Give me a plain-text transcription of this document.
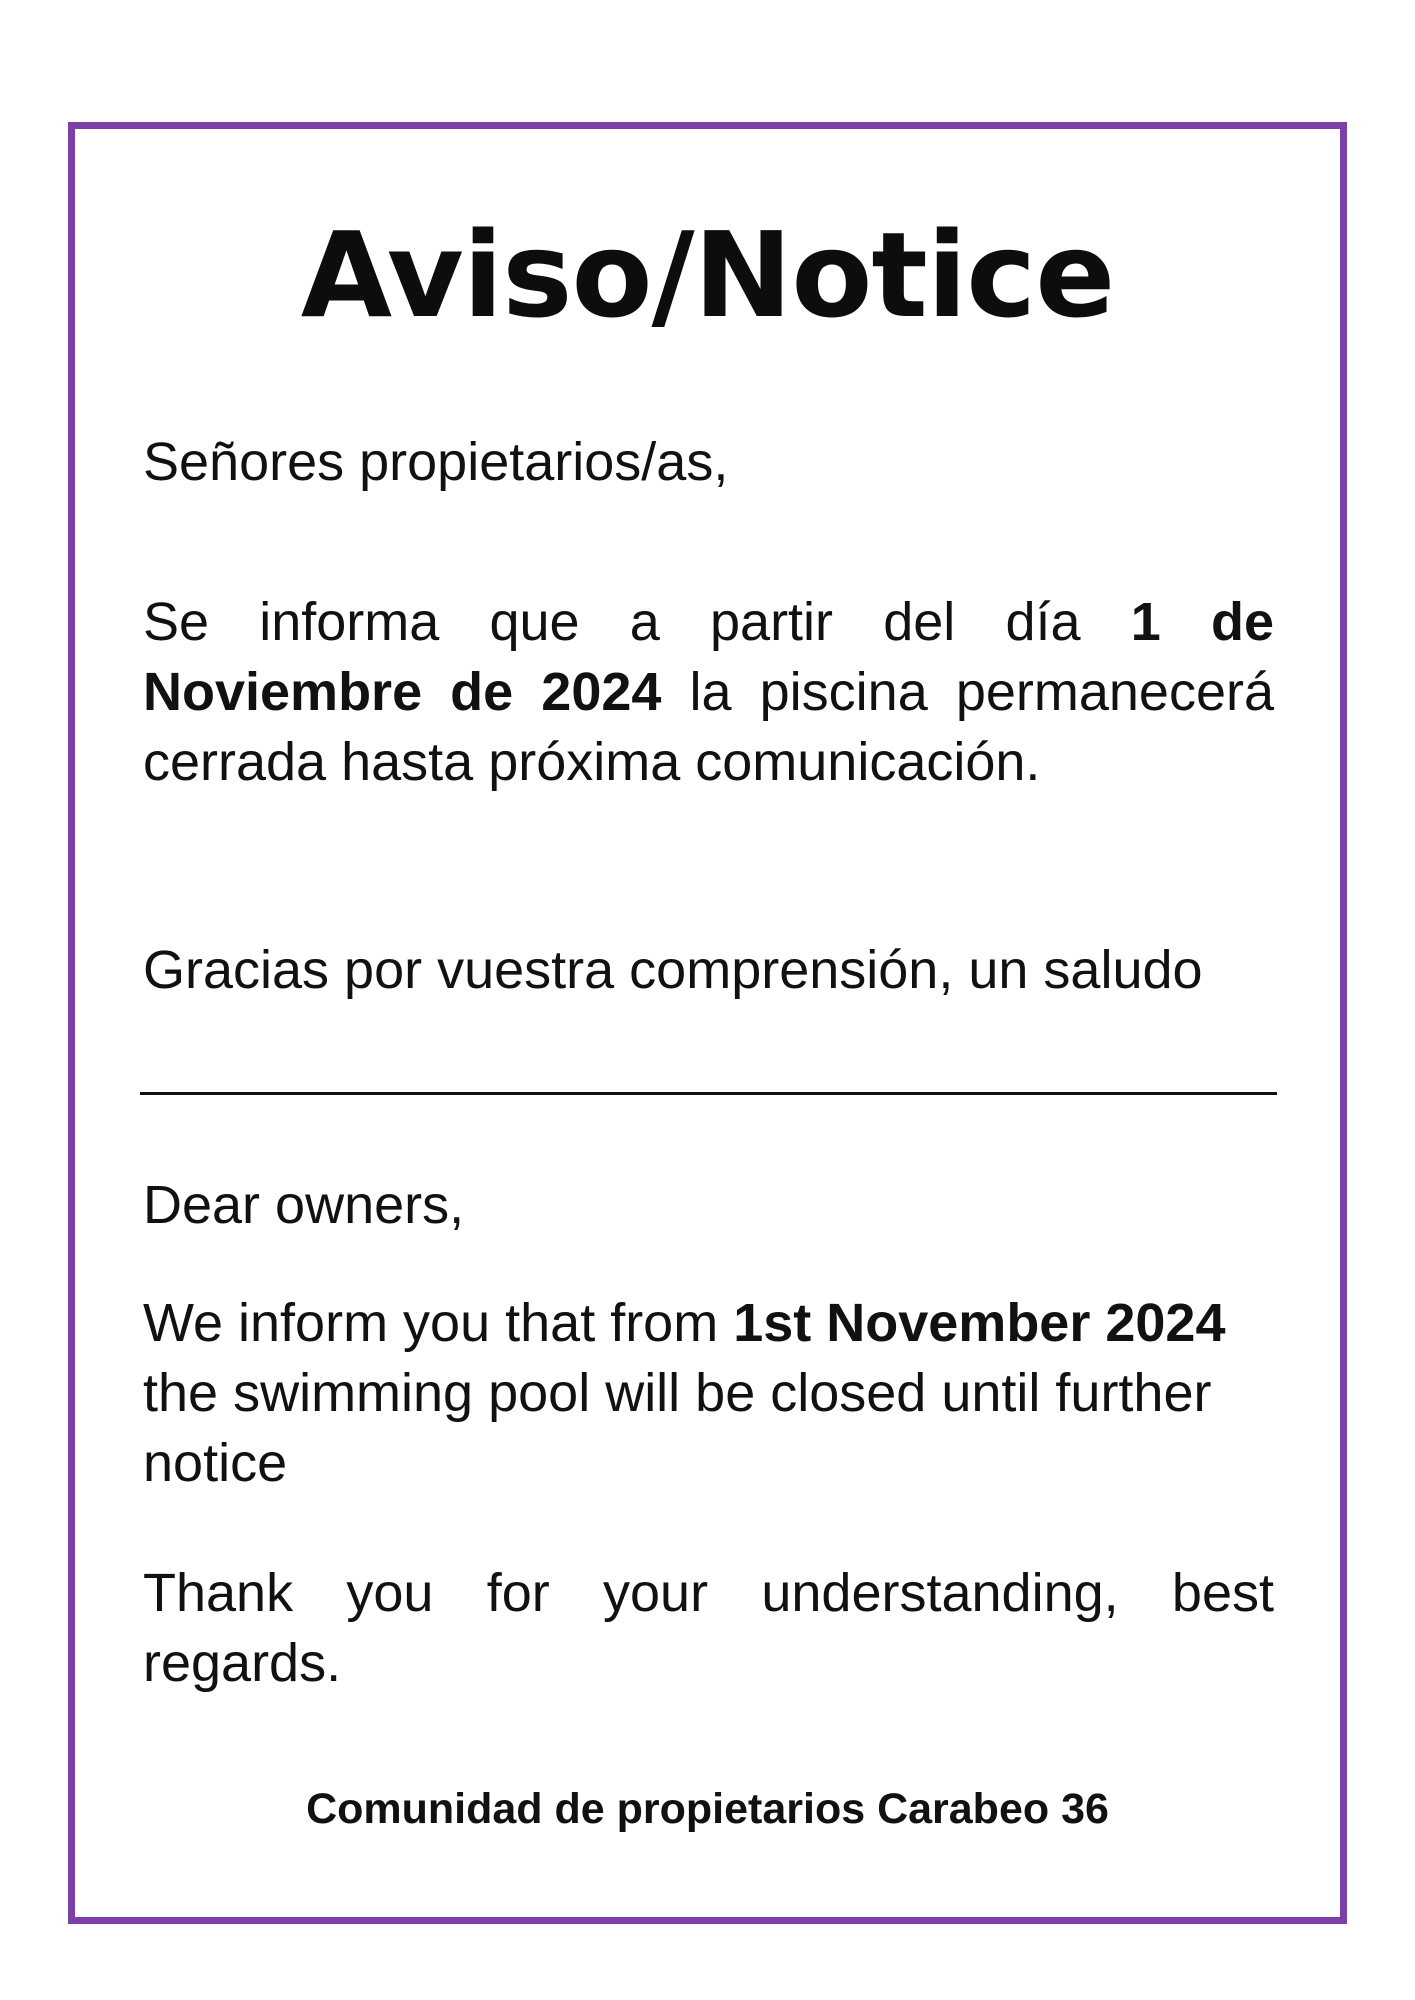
Aviso/Notice

Señores propietarios/as,

Se informa que a partir del día 1 de Noviembre de 2024 la piscina permanecerá cerrada hasta próxima comunicación.

Gracias por vuestra comprensión, un saludo

Dear owners,

We inform you that from 1st November 2024 the swimming pool will be closed until further notice

Thank you for your understanding, best regards.

Comunidad de propietarios Carabeo 36
